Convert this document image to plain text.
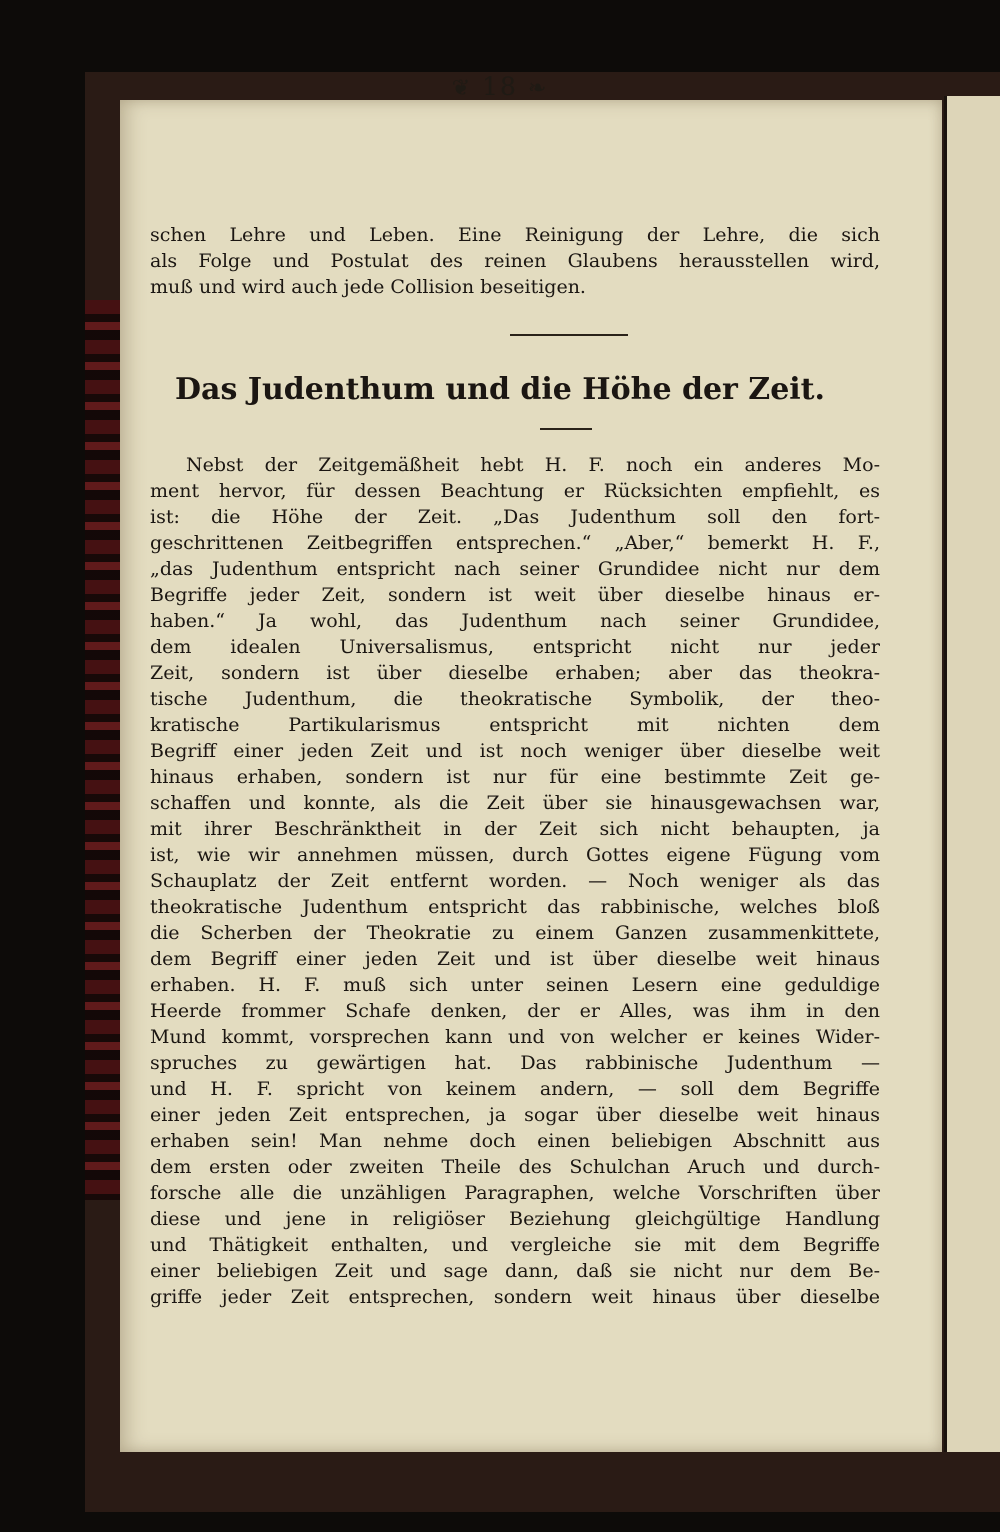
❦ 18 ❧
schen Lehre und Leben. Eine Reinigung der Lehre, die sich
als Folge und Postulat des reinen Glaubens herausstellen wird,
muß und wird auch jede Collision beseitigen.
Das Judenthum und die Höhe der Zeit.
Nebst der Zeitgemäßheit hebt H. F. noch ein anderes Mo-
ment hervor, für dessen Beachtung er Rücksichten empfiehlt, es
ist: die Höhe der Zeit. „Das Judenthum soll den fort-
geschrittenen Zeitbegriffen entsprechen.“ „Aber,“ bemerkt H. F.,
„das Judenthum entspricht nach seiner Grundidee nicht nur dem
Begriffe jeder Zeit, sondern ist weit über dieselbe hinaus er-
haben.“ Ja wohl, das Judenthum nach seiner Grundidee,
dem idealen Universalismus, entspricht nicht nur jeder
Zeit, sondern ist über dieselbe erhaben; aber das theokra-
tische Judenthum, die theokratische Symbolik, der theo-
kratische Partikularismus entspricht mit nichten dem
Begriff einer jeden Zeit und ist noch weniger über dieselbe weit
hinaus erhaben, sondern ist nur für eine bestimmte Zeit ge-
schaffen und konnte, als die Zeit über sie hinausgewachsen war,
mit ihrer Beschränktheit in der Zeit sich nicht behaupten, ja
ist, wie wir annehmen müssen, durch Gottes eigene Fügung vom
Schauplatz der Zeit entfernt worden. — Noch weniger als das
theokratische Judenthum entspricht das rabbinische, welches bloß
die Scherben der Theokratie zu einem Ganzen zusammenkittete,
dem Begriff einer jeden Zeit und ist über dieselbe weit hinaus
erhaben. H. F. muß sich unter seinen Lesern eine geduldige
Heerde frommer Schafe denken, der er Alles, was ihm in den
Mund kommt, vorsprechen kann und von welcher er keines Wider-
spruches zu gewärtigen hat. Das rabbinische Judenthum —
und H. F. spricht von keinem andern, — soll dem Begriffe
einer jeden Zeit entsprechen, ja sogar über dieselbe weit hinaus
erhaben sein! Man nehme doch einen beliebigen Abschnitt aus
dem ersten oder zweiten Theile des Schulchan Aruch und durch-
forsche alle die unzähligen Paragraphen, welche Vorschriften über
diese und jene in religiöser Beziehung gleichgültige Handlung
und Thätigkeit enthalten, und vergleiche sie mit dem Begriffe
einer beliebigen Zeit und sage dann, daß sie nicht nur dem Be-
griffe jeder Zeit entsprechen, sondern weit hinaus über dieselbe
